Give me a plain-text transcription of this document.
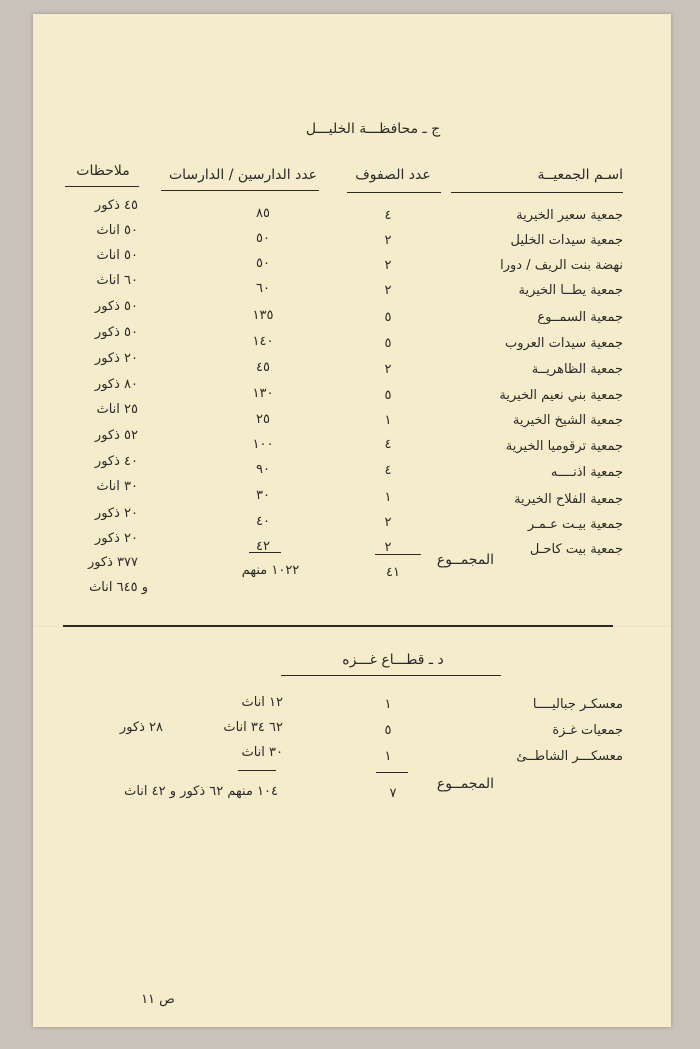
ج ـ محافظـــة الخليـــل
اسـم الجمعيــة
عدد الصفوف
عدد الدارسين / الدارسات
ملاحظات
جمعية سعير الخيرية
٤
٨٥
٤٥ ذكور
جمعية سيدات الخليل
٢
٥٠
٥٠ اناث
نهضة بنت الريف / دورا
٢
٥٠
٥٠ اناث
جمعية يطــا الخيرية
٢
٦٠
٦٠ اناث
جمعية السمــوع
٥
١٣٥
٥٠ ذكور
جمعية سيدات العروب
٥
١٤٠
٥٠ ذكور
جمعية الظاهريــة
٢
٤٥
٢٠ ذكور
جمعية بني نعيم الخيرية
٥
١٣٠
٨٠ ذكور
جمعية الشيخ الخيرية
١
٢٥
٢٥ اناث
جمعية ترقوميا الخيرية
٤
١٠٠
٥٢ ذكور
جمعية اذنــــه
٤
٩٠
٤٠ ذكور
جمعية الفلاح الخيرية
١
٣٠
٣٠ اناث
جمعية بيـت عـمـر
٢
٤٠
٢٠ ذكور
جمعية بيت كاحـل
٢
٤٢
٢٠ ذكور
المجمــوع
٤١
١٠٢٢ منهم
٣٧٧ ذكور
و ٦٤٥ اناث
د ـ قطـــاع غـــزه
معسكـر جباليــــا
١
١٢ اناث
جمعيات غـزة
٥
٦٢ ٣٤ اناث
٢٨ ذكور
معسكـــر الشاطــئ
١
٣٠ اناث
المجمــوع
٧
١٠٤ منهم ٦٢ ذكور و ٤٢ اناث
ص ١١
